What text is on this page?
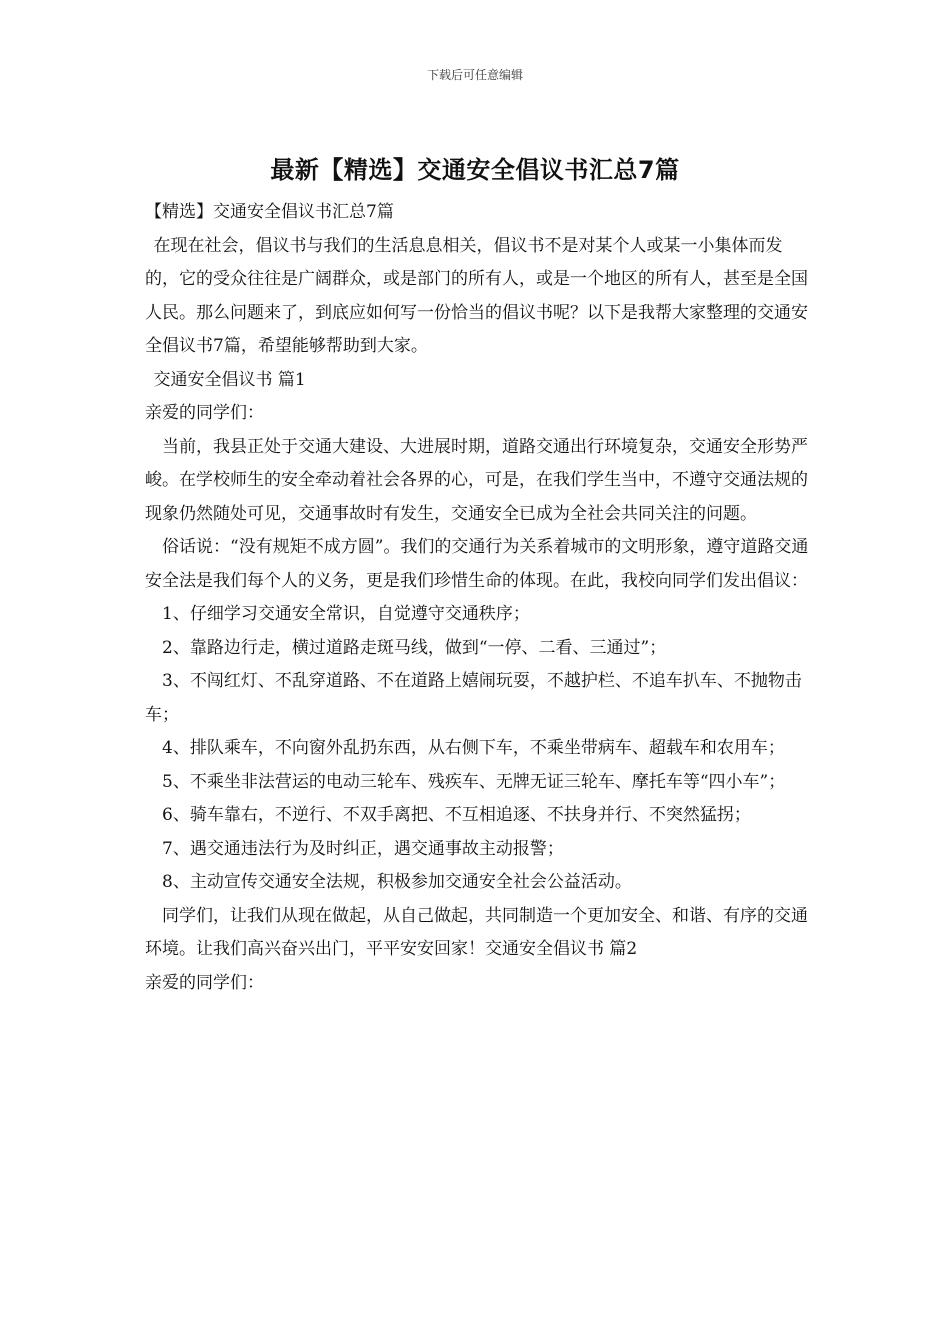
下载后可任意编辑
最新【精选】交通安全倡议书汇总7篇

【精选】交通安全倡议书汇总7篇

在现在社会，倡议书与我们的生活息息相关，倡议书不是对某个人或某一小集体而发的，它的受众往往是广阔群众，或是部门的所有人，或是一个地区的所有人，甚至是全国人民。那么问题来了，到底应如何写一份恰当的倡议书呢？以下是我帮大家整理的交通安全倡议书7篇，希望能够帮助到大家。

交通安全倡议书 篇1

亲爱的同学们：

当前，我县正处于交通大建设、大进展时期，道路交通出行环境复杂，交通安全形势严峻。在学校师生的安全牵动着社会各界的心，可是，在我们学生当中，不遵守交通法规的现象仍然随处可见，交通事故时有发生，交通安全已成为全社会共同关注的问题。

俗话说：“没有规矩不成方圆”。我们的交通行为关系着城市的文明形象，遵守道路交通安全法是我们每个人的义务，更是我们珍惜生命的体现。在此，我校向同学们发出倡议：

1、仔细学习交通安全常识，自觉遵守交通秩序；

2、靠路边行走，横过道路走斑马线，做到“一停、二看、三通过”；

3、不闯红灯、不乱穿道路、不在道路上嬉闹玩耍，不越护栏、不追车扒车、不抛物击车；

4、排队乘车，不向窗外乱扔东西，从右侧下车，不乘坐带病车、超载车和农用车；

5、不乘坐非法营运的电动三轮车、残疾车、无牌无证三轮车、摩托车等“四小车”；

6、骑车靠右，不逆行、不双手离把、不互相追逐、不扶身并行、不突然猛拐；

7、遇交通违法行为及时纠正，遇交通事故主动报警；

8、主动宣传交通安全法规，积极参加交通安全社会公益活动。

同学们，让我们从现在做起，从自己做起，共同制造一个更加安全、和谐、有序的交通环境。让我们高兴奋兴出门，平平安安回家！交通安全倡议书 篇2

亲爱的同学们：
